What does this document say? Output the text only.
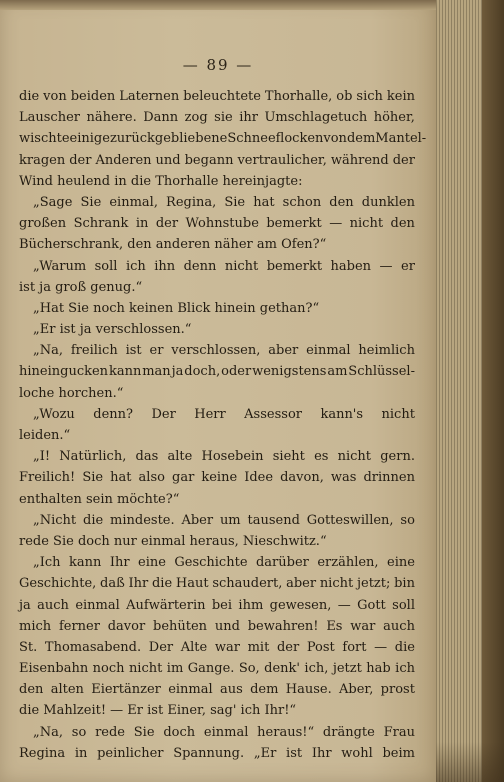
— 89 —
die von beiden Laternen beleuchtete Thorhalle, ob sich kein
Lauscher nähere. Dann zog sie ihr Umschlagetuch höher,
wischte einige zurückgebliebene Schneeflocken von dem Mantel-
kragen der Anderen und begann vertraulicher, während der
Wind heulend in die Thorhalle hereinjagte:
„Sage Sie einmal, Regina, Sie hat schon den dunklen
großen Schrank in der Wohnstube bemerkt — nicht den
Bücherschrank, den anderen näher am Ofen?“
„Warum soll ich ihn denn nicht bemerkt haben — er
ist ja groß genug.“
„Hat Sie noch keinen Blick hinein gethan?“
„Er ist ja verschlossen.“
„Na, freilich ist er verschlossen, aber einmal heimlich
hineingucken kann man ja doch, oder wenigstens am Schlüssel-
loche horchen.“
„Wozu denn? Der Herr Assessor kann's nicht
leiden.“
„I! Natürlich, das alte Hosebein sieht es nicht gern.
Freilich! Sie hat also gar keine Idee davon, was drinnen
enthalten sein möchte?“
„Nicht die mindeste. Aber um tausend Gotteswillen, so
rede Sie doch nur einmal heraus, Nieschwitz.“
„Ich kann Ihr eine Geschichte darüber erzählen, eine
Geschichte, daß Ihr die Haut schaudert, aber nicht jetzt; bin
ja auch einmal Aufwärterin bei ihm gewesen, — Gott soll
mich ferner davor behüten und bewahren! Es war auch
St. Thomasabend. Der Alte war mit der Post fort — die
Eisenbahn noch nicht im Gange. So, denk' ich, jetzt hab ich
den alten Eiertänzer einmal aus dem Hause. Aber, prost
die Mahlzeit! — Er ist Einer, sag' ich Ihr!“
„Na, so rede Sie doch einmal heraus!“ drängte Frau
Regina in peinlicher Spannung. „Er ist Ihr wohl beim
